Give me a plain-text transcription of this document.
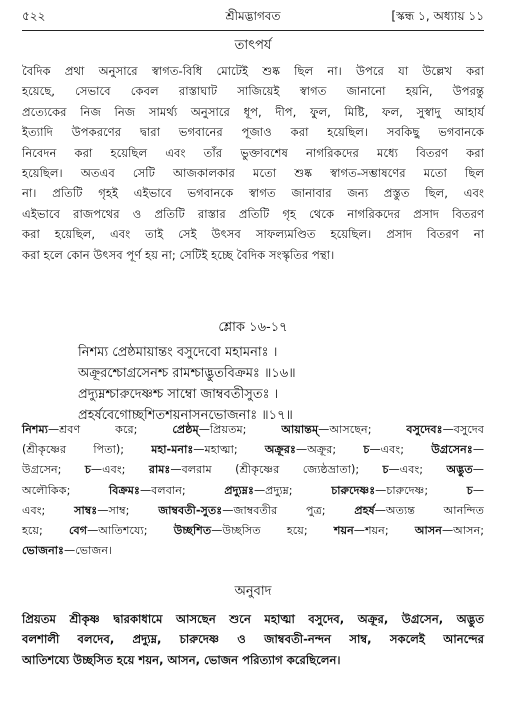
৫২২	শ্রীমদ্ভাগবত	[স্কন্ধ ১, অধ্যায় ১১

তাৎপর্য

বৈদিক প্রথা অনুসারে স্বাগত-বিধি মোটেই শুষ্ক ছিল না। উপরে যা উল্লেখ করা

হয়েছে, সেভাবে কেবল রাস্তাঘাট সাজিয়েই স্বাগত জানানো হয়নি, উপরন্তু

প্রত্যেকের নিজ নিজ সামর্থ্য অনুসারে ধূপ, দীপ, ফুল, মিষ্টি, ফল, সুস্বাদু আহার্য

ইত্যাদি উপকরণের দ্বারা ভগবানের পূজাও করা হয়েছিল। সবকিছু ভগবানকে

নিবেদন করা হয়েছিল এবং তাঁর ভুক্তাবশেষ নাগরিকদের মধ্যে বিতরণ করা

হয়েছিল। অতএব সেটি আজকালকার মতো শুষ্ক স্বাগত-সম্ভাষণের মতো ছিল

না। প্রতিটি গৃহই এইভাবে ভগবানকে স্বাগত জানাবার জন্য প্রস্তুত ছিল, এবং

এইভাবে রাজপথের ও প্রতিটি রাস্তার প্রতিটি গৃহ থেকে নাগরিকদের প্রসাদ বিতরণ

করা হয়েছিল, এবং তাই সেই উৎসব সাফল্যমণ্ডিত হয়েছিল। প্রসাদ বিতরণ না

করা হলে কোন উৎসব পূর্ণ হয় না; সেটিই হচ্ছে বৈদিক সংস্কৃতির পন্থা।

শ্লোক ১৬-১৭

নিশম্য প্রেষ্ঠমায়ান্তং বসুদেবো মহামনাঃ ।

অক্রূরশ্চোগ্রসেনশ্চ রামশ্চাদ্ভুতবিক্রমঃ ॥১৬॥

প্রদ্যুম্নশ্চারুদেষ্ণশ্চ সাম্বো জাম্ববতীসুতঃ ।

প্রহর্ষবেগোচ্ছশিতশয়নাসনভোজনাঃ ॥১৭॥

নিশম্য—শ্রবণ করে; প্রেষ্ঠম্—প্রিয়তম; আয়ান্তম্—আসছেন; বসুদেবঃ—বসুদেব

(শ্রীকৃষ্ণের পিতা); মহা-মনাঃ—মহাত্মা; অক্রূরঃ—অক্রূর; চ—এবং; উগ্রসেনঃ—

উগ্রসেন; চ—এবং; রামঃ—বলরাম (শ্রীকৃষ্ণের জ্যেষ্ঠভ্রাতা); চ—এবং; অদ্ভুত—

অলৌকিক; বিক্রমঃ—বলবান; প্রদ্যুম্নঃ—প্রদ্যুম্ন; চারুদেষ্ণঃ—চারুদেষ্ণ; চ—

এবং; সাম্বঃ—সাম্ব; জাম্ববতী-সুতঃ—জাম্ববতীর পুত্র; প্রহর্ষ—অত্যন্ত আনন্দিত

হয়ে; বেগ—আতিশয্যে; উচ্ছশিত—উচ্ছসিত হয়ে; শয়ন—শয়ন; আসন—আসন;

ভোজনাঃ—ভোজন।

অনুবাদ

প্রিয়তম শ্রীকৃষ্ণ দ্বারকাধামে আসছেন শুনে মহাত্মা বসুদেব, অক্রূর, উগ্রসেন, অদ্ভুত

বলশালী বলদেব, প্রদ্যুম্ন, চারুদেষ্ণ ও জাম্ববতী-নন্দন সাম্ব, সকলেই আনন্দের

আতিশয্যে উচ্ছসিত হয়ে শয়ন, আসন, ভোজন পরিত্যাগ করেছিলেন।
